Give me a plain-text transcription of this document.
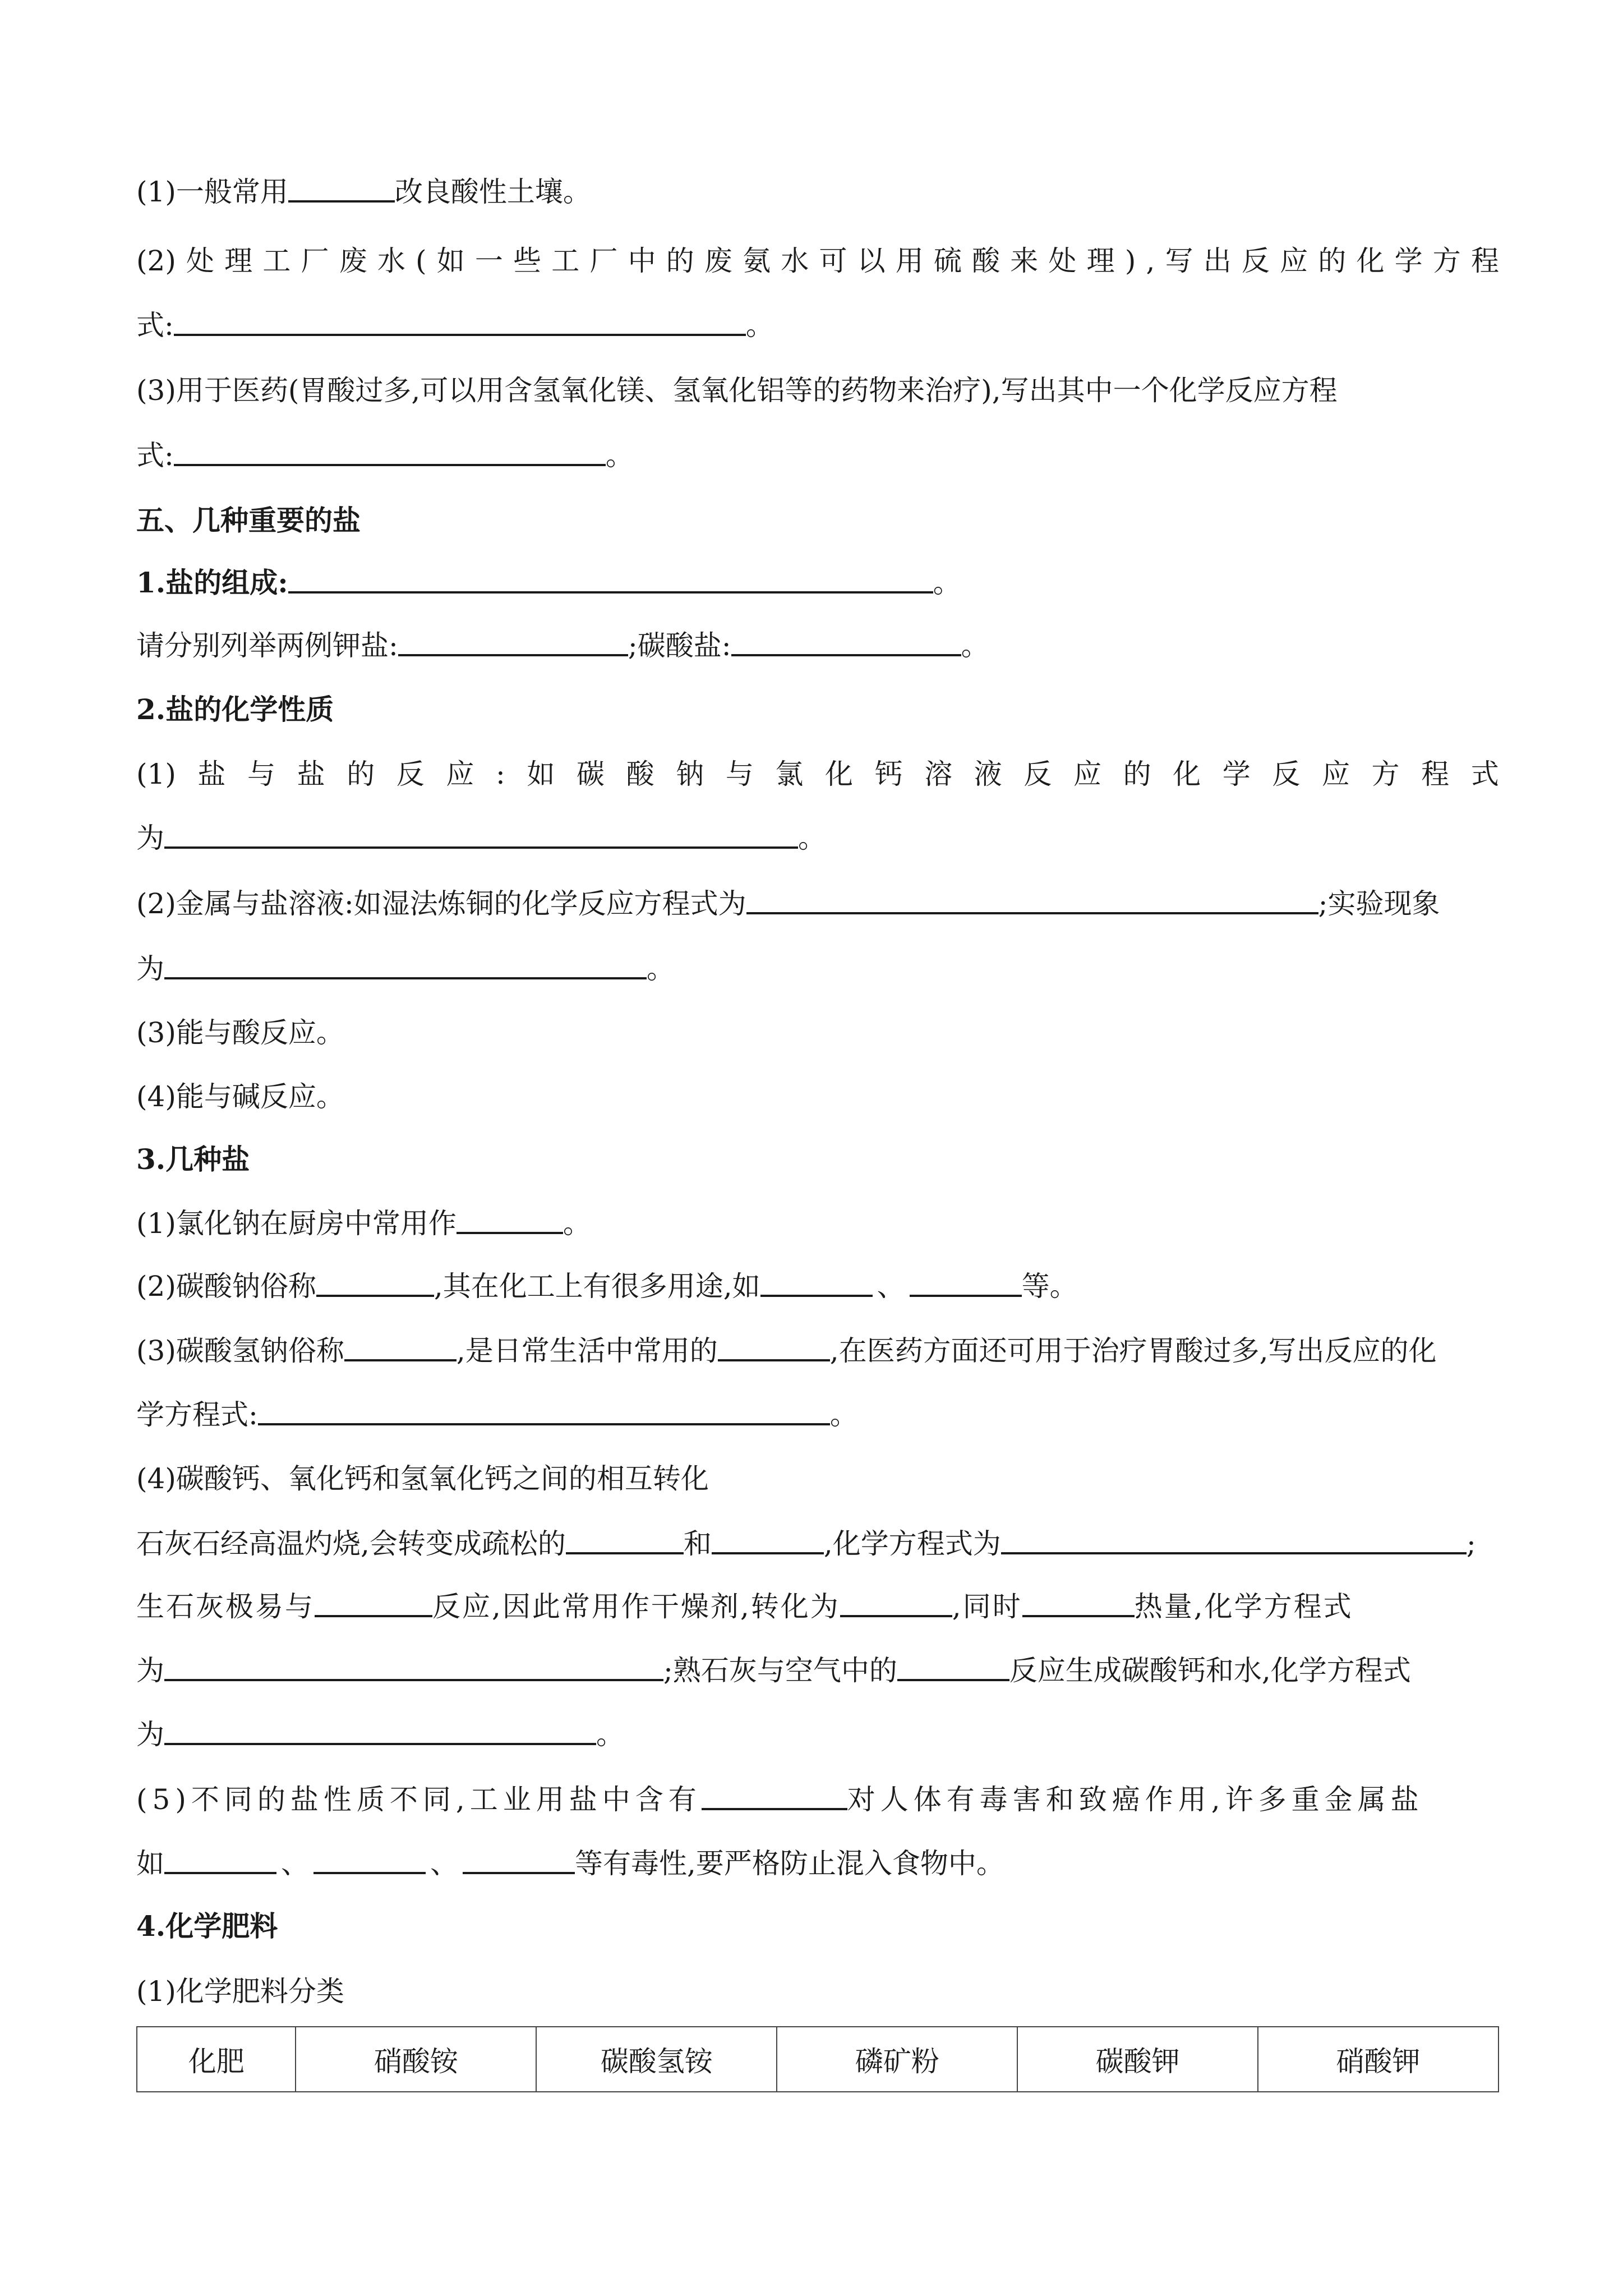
(1)一般常用	改良酸性土壤。
(2) 处 理 工 厂 废 水 ( 如 一 些 工 厂 中 的 废 氨 水 可 以 用 硫 酸 来 处 理 ) , 写 出 反 应 的 化 学 方 程
式:	。
(3)用于医药(胃酸过多,可以用含氢氧化镁、氢氧化铝等的药物来治疗),写出其中一个化学反应方程
式:	。
五、几种重要的盐
1.盐的组成:	。
请分别列举两例钾盐:	;碳酸盐:	。
2.盐的化学性质
(1) 盐 与 盐 的 反 应 : 如 碳 酸 钠 与 氯 化 钙 溶 液 反 应 的 化 学 反 应 方 程 式
为	。
(2)金属与盐溶液:如湿法炼铜的化学反应方程式为	;实验现象
为	。
(3)能与酸反应。
(4)能与碱反应。
3.几种盐
(1)氯化钠在厨房中常用作	。
(2)碳酸钠俗称	,其在化工上有很多用途,如	、	等。
(3)碳酸氢钠俗称	,是日常生活中常用的	,在医药方面还可用于治疗胃酸过多,写出反应的化
学方程式:	。
(4)碳酸钙、氧化钙和氢氧化钙之间的相互转化
石灰石经高温灼烧,会转变成疏松的	和	,化学方程式为	;
生石灰极易与	反应,因此常用作干燥剂,转化为	,同时	热量,化学方程式
为	;熟石灰与空气中的	反应生成碳酸钙和水,化学方程式
为	。
(5)不同的盐性质不同,工业用盐中含有	对人体有毒害和致癌作用,许多重金属盐
如	、	、	等有毒性,要严格防止混入食物中。
4.化学肥料
(1)化学肥料分类
化肥	硝酸铵	碳酸氢铵	磷矿粉	碳酸钾	硝酸钾
